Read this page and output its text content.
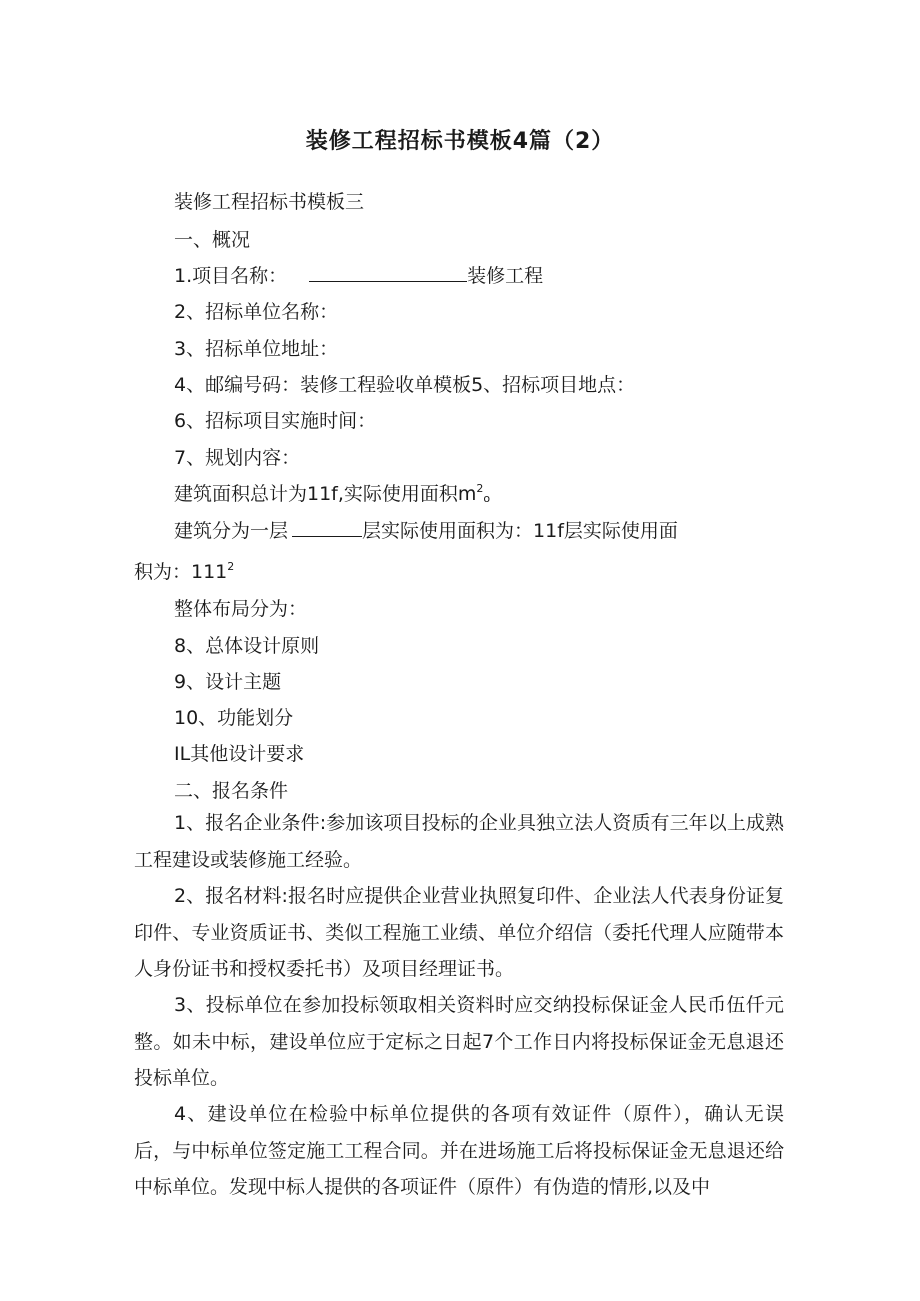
装修工程招标书模板4篇（2）
装修工程招标书模板三
一、概况
1.项目名称：	装修工程
2、招标单位名称：
3、招标单位地址：
4、邮编号码：装修工程验收单模板5、招标项目地点：
6、招标项目实施时间：
7、规划内容：
建筑面积总计为11f,实际使用面积$m^2o$
建筑分为一层	层实际使用面积为：11f层实际使用面
积为：$111^2$
整体布局分为：
8、总体设计原则
9、设计主题
10、功能划分
IL其他设计要求
二、报名条件
1、报名企业条件:参加该项目投标的企业具独立法人资质有三年以上成熟工程建设或装修施工经验。
2、报名材料:报名时应提供企业营业执照复印件、企业法人代表身份证复印件、专业资质证书、类似工程施工业绩、单位介绍信（委托代理人应随带本人身份证书和授权委托书）及项目经理证书。
3、投标单位在参加投标领取相关资料时应交纳投标保证金人民币伍仟元整。如未中标，建设单位应于定标之日起7个工作日内将投标保证金无息退还投标单位。
4、建设单位在检验中标单位提供的各项有效证件（原件），确认无误后，与中标单位签定施工工程合同。并在进场施工后将投标保证金无息退还给中标单位。发现中标人提供的各项证件（原件）有伪造的情形,以及中
